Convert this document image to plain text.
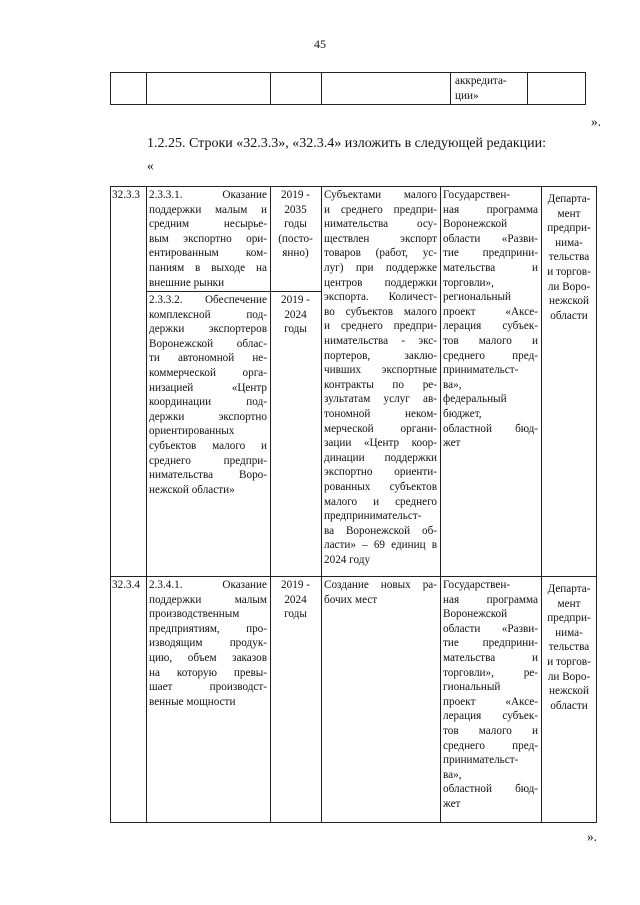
45
аккредита-
ции»
».
1.2.25. Строки «32.3.3», «32.3.4» изложить в следующей редакции:
«
32.3.3 2.3.3.1. Оказание
поддержки малым и
средним несырье-
вым экспортно ори-
ентированным ком-
паниям в выходе на
внешние рынки
2019 -
2035
годы
(посто-
янно)
2.3.3.2. Обеспечение
комплексной под-
держки экспортеров
Воронежской облас-
ти автономной не-
коммерческой орга-
низацией «Центр
координации под-
держки экспортно
ориентированных
субъектов малого и
среднего предпри-
нимательства Воро-
нежской области»
2019 -
2024
годы
Субъектами малого
и среднего предпри-
нимательства осу-
ществлен экспорт
товаров (работ, ус-
луг) при поддержке
центров поддержки
экспорта. Количест-
во субъектов малого
и среднего предпри-
нимательства - экс-
портеров, заклю-
чивших экспортные
контракты по ре-
зультатам услуг ав-
тономной неком-
мерческой органи-
зации «Центр коор-
динации поддержки
экспортно ориенти-
рованных субъектов
малого и среднего
предпринимательст-
ва Воронежской об-
ласти» – 69 единиц в
2024 году
Государствен-
ная программа
Воронежской
области «Разви-
тие предприни-
мательства и
торговли»,
региональный
проект «Аксе-
лерация субъек-
тов малого и
среднего пред-
принимательст-
ва»,
федеральный
бюджет,
областной бюд-
жет
Департа-
мент
предпри-
нима-
тельства
и торгов-
ли Воро-
нежской
области
32.3.4 2.3.4.1. Оказание
поддержки малым
производственным
предприятиям, про-
изводящим продук-
цию, объем заказов
на которую превы-
шает производст-
венные мощности
2019 -
2024
годы
Создание новых ра-
бочих мест
Государствен-
ная программа
Воронежской
области «Разви-
тие предприни-
мательства и
торговли», ре-
гиональный
проект «Аксе-
лерация субъек-
тов малого и
среднего пред-
принимательст-
ва»,
областной бюд-
жет
Департа-
мент
предпри-
нима-
тельства
и торгов-
ли Воро-
нежской
области
».
